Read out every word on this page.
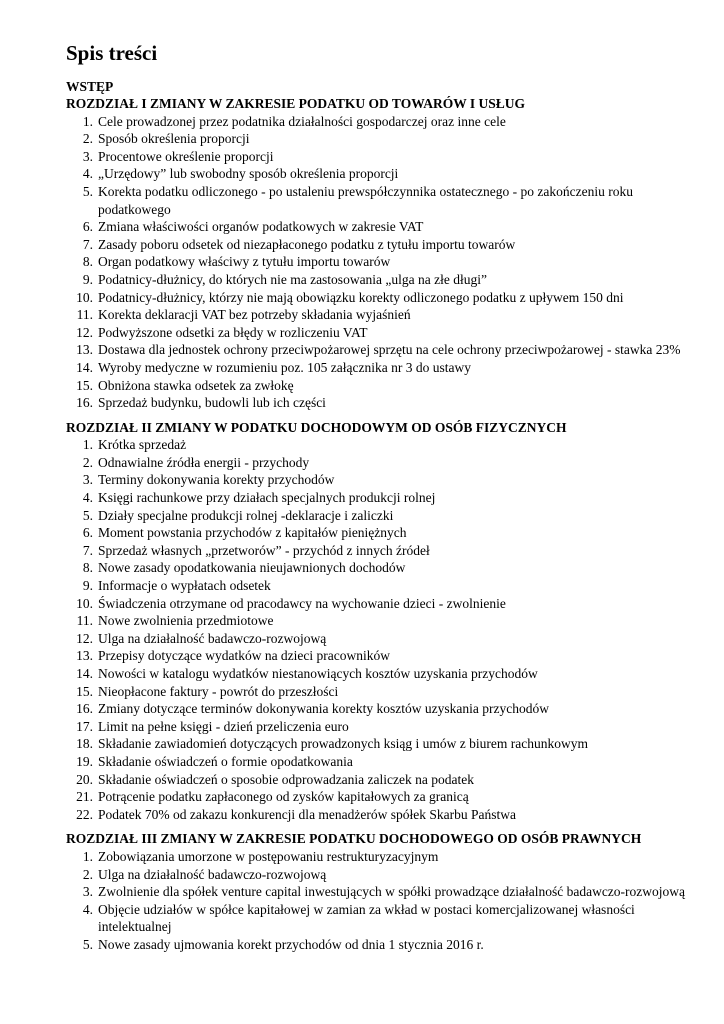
Spis treści
WSTĘP
ROZDZIAŁ I ZMIANY W ZAKRESIE PODATKU OD TOWARÓW I USŁUG
1. Cele prowadzonej przez podatnika działalności gospodarczej oraz inne cele
2. Sposób określenia proporcji
3. Procentowe określenie proporcji
4. „Urzędowy” lub swobodny sposób określenia proporcji
5. Korekta podatku odliczonego - po ustaleniu prewspółczynnika ostatecznego - po zakończeniu roku podatkowego
6. Zmiana właściwości organów podatkowych w zakresie VAT
7. Zasady poboru odsetek od niezapłaconego podatku z tytułu importu towarów
8. Organ podatkowy właściwy z tytułu importu towarów
9. Podatnicy-dłużnicy, do których nie ma zastosowania „ulga na złe długi”
10. Podatnicy-dłużnicy, którzy nie mają obowiązku korekty odliczonego podatku z upływem 150 dni
11. Korekta deklaracji VAT bez potrzeby składania wyjaśnień
12. Podwyższone odsetki za błędy w rozliczeniu VAT
13. Dostawa dla jednostek ochrony przeciwpożarowej sprzętu na cele ochrony przeciwpożarowej - stawka 23%
14. Wyroby medyczne w rozumieniu poz. 105 załącznika nr 3 do ustawy
15. Obniżona stawka odsetek za zwłokę
16. Sprzedaż budynku, budowli lub ich części
ROZDZIAŁ II ZMIANY W PODATKU DOCHODOWYM OD OSÓB FIZYCZNYCH
1. Krótka sprzedaż
2. Odnawialne źródła energii - przychody
3. Terminy dokonywania korekty przychodów
4. Księgi rachunkowe przy działach specjalnych produkcji rolnej
5. Działy specjalne produkcji rolnej -deklaracje i zaliczki
6. Moment powstania przychodów z kapitałów pieniężnych
7. Sprzedaż własnych „przetworów” - przychód z innych źródeł
8. Nowe zasady opodatkowania nieujawnionych dochodów
9. Informacje o wypłatach odsetek
10. Świadczenia otrzymane od pracodawcy na wychowanie dzieci - zwolnienie
11. Nowe zwolnienia przedmiotowe
12. Ulga na działalność badawczo-rozwojową
13. Przepisy dotyczące wydatków na dzieci pracowników
14. Nowości w katalogu wydatków niestanowiących kosztów uzyskania przychodów
15. Nieopłacone faktury - powrót do przeszłości
16. Zmiany dotyczące terminów dokonywania korekty kosztów uzyskania przychodów
17. Limit na pełne księgi - dzień przeliczenia euro
18. Składanie zawiadomień dotyczących prowadzonych ksiąg i umów z biurem rachunkowym
19. Składanie oświadczeń o formie opodatkowania
20. Składanie oświadczeń o sposobie odprowadzania zaliczek na podatek
21. Potrącenie podatku zapłaconego od zysków kapitałowych za granicą
22. Podatek 70% od zakazu konkurencji dla menadżerów spółek Skarbu Państwa
ROZDZIAŁ III ZMIANY W ZAKRESIE PODATKU DOCHODOWEGO OD OSÓB PRAWNYCH
1. Zobowiązania umorzone w postępowaniu restrukturyzacyjnym
2. Ulga na działalność badawczo-rozwojową
3. Zwolnienie dla spółek venture capital inwestujących w spółki prowadzące działalność badawczo-rozwojową
4. Objęcie udziałów w spółce kapitałowej w zamian za wkład w postaci komercjalizowanej własności intelektualnej
5. Nowe zasady ujmowania korekt przychodów od dnia 1 stycznia 2016 r.
